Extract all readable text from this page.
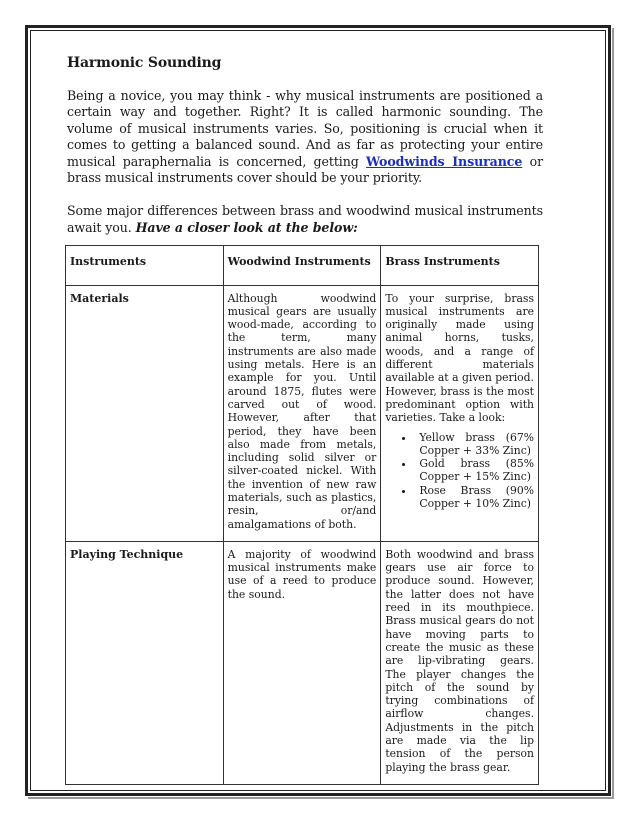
Harmonic Sounding

Being a novice, you may think - why musical instruments are positioned a certain way and together. Right? It is called harmonic sounding. The volume of musical instruments varies. So, positioning is crucial when it comes to getting a balanced sound. And as far as protecting your entire musical paraphernalia is concerned, getting Woodwinds Insurance or brass musical instruments cover should be your priority.

Some major differences between brass and woodwind musical instruments await you. Have a closer look at the below:

Instruments	Woodwind Instruments	Brass Instruments
Materials	Although woodwind musical gears are usually wood-made, according to the term, many instruments are also made using metals. Here is an example for you. Until around 1875, flutes were carved out of wood. However, after that period, they have been also made from metals, including solid silver or silver-coated nickel. With the invention of new raw materials, such as plastics, resin, or/and amalgamations of both.	To your surprise, brass musical instruments are originally made using animal horns, tusks, woods, and a range of different materials available at a given period. However, brass is the most predominant option with varieties. Take a look:
• Yellow brass (67% Copper + 33% Zinc)
• Gold brass (85% Copper + 15% Zinc)
• Rose Brass (90% Copper + 10% Zinc)

Playing Technique	A majority of woodwind musical instruments make use of a reed to produce the sound.	Both woodwind and brass gears use air force to produce sound. However, the latter does not have reed in its mouthpiece. Brass musical gears do not have moving parts to create the music as these are lip-vibrating gears. The player changes the pitch of the sound by trying combinations of airflow changes. Adjustments in the pitch are made via the lip tension of the person playing the brass gear.
